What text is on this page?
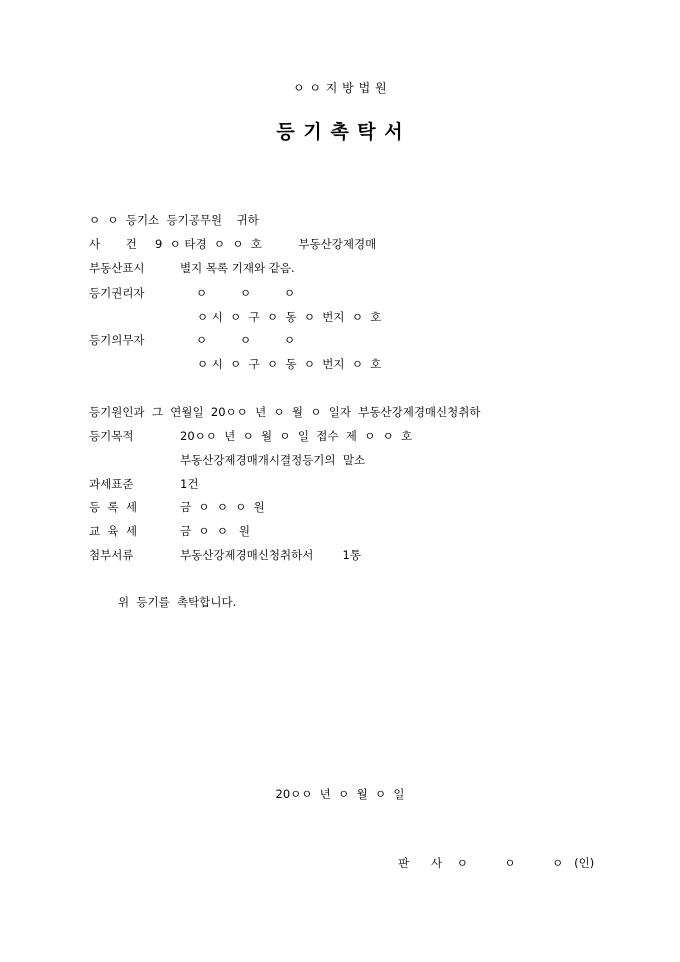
ㅇ ㅇ 지 방 법 원
등 기 촉 탁 서
ㅇ  ㅇ  등기소  등기공무원    귀하
사       건 9  ㅇ 타경  ㅇ  ㅇ  호          부동산강제경매
부동산표시	별지 목록 기재와 같음.
등기권리자	ㅇ         ㅇ         ㅇ
ㅇ 시  ㅇ  구  ㅇ  동  ㅇ  번지  ㅇ  호
등기의무자	ㅇ         ㅇ         ㅇ
ㅇ 시  ㅇ  구  ㅇ  동  ㅇ  번지  ㅇ  호
등기원인과  그  연월일  20ㅇㅇ  년  ㅇ  월  ㅇ  일자  부동산강제경매신청취하
등기목적	20ㅇㅇ  년  ㅇ  월  ㅇ  일  접수  제  ㅇ  ㅇ  호
부동산강제경매개시결정등기의  말소
과세표준	1건
등  록  세	금  ㅇ  ㅇ  ㅇ  원
교  육  세	금  ㅇ  ㅇ   원
첨부서류	부동산강제경매신청취하서        1통
위  등기를  촉탁합니다.
20ㅇㅇ  년  ㅇ  월  ㅇ  일
판      사    ㅇ          ㅇ          ㅇ   (인)
